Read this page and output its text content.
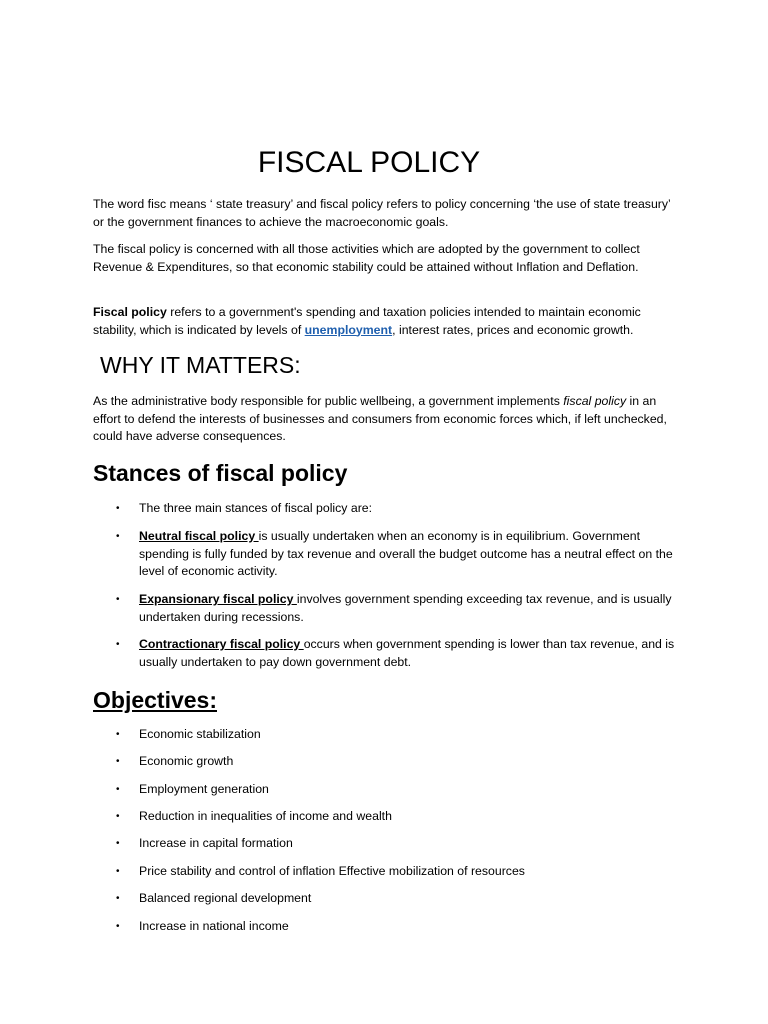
FISCAL POLICY

The word fisc means ‘ state treasury’ and fiscal policy refers to policy concerning ‘the use of state treasury’ or the government finances to achieve the macroeconomic goals.

The fiscal policy is concerned with all those activities which are adopted by the government to collect Revenue & Expenditures, so that economic stability could be attained without Inflation and Deflation.

Fiscal policy refers to a government's spending and taxation policies intended to maintain economic stability, which is indicated by levels of unemployment, interest rates, prices and economic growth.

WHY IT MATTERS:

As the administrative body responsible for public wellbeing, a government implements fiscal policy in an effort to defend the interests of businesses and consumers from economic forces which, if left unchecked, could have adverse consequences.

Stances of fiscal policy
•	The three main stances of fiscal policy are:
•	Neutral fiscal policy is usually undertaken when an economy is in equilibrium. Government spending is fully funded by tax revenue and overall the budget outcome has a neutral effect on the level of economic activity.
•	Expansionary fiscal policy involves government spending exceeding tax revenue, and is usually undertaken during recessions.
•	Contractionary fiscal policy occurs when government spending is lower than tax revenue, and is usually undertaken to pay down government debt.
Objectives:
•	Economic stabilization
•	Economic growth
•	Employment generation
•	Reduction in inequalities of income and wealth
•	Increase in capital formation
•	Price stability and control of inflation Effective mobilization of resources
•	Balanced regional development
•	Increase in national income
